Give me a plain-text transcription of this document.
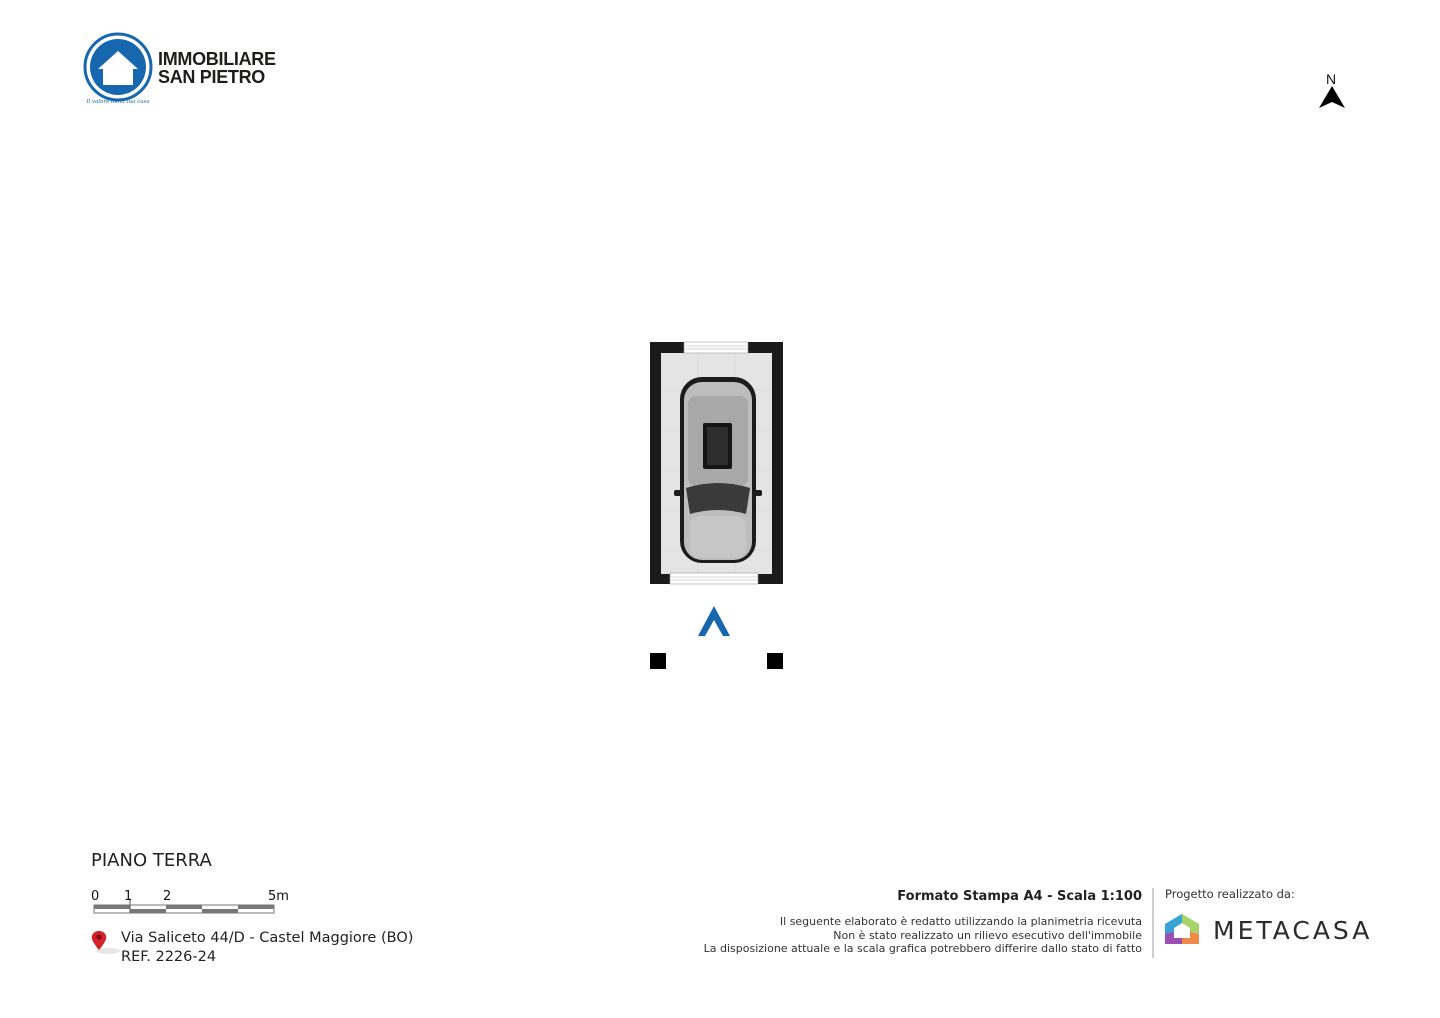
Il valore della tua casa
IMMOBILIARE
SAN PIETRO	N
PIANO TERRA
0 1 2	5m
Via Saliceto 44/D - Castel Maggiore (BO)
REF. 2226-24
Formato Stampa A4 - Scala 1:100
Il seguente elaborato è redatto utilizzando la planimetria ricevuta
Non è stato realizzato un rilievo esecutivo dell'immobile
La disposizione attuale e la scala grafica potrebbero differire dallo stato di fatto
Progetto realizzato da:
METACASA
